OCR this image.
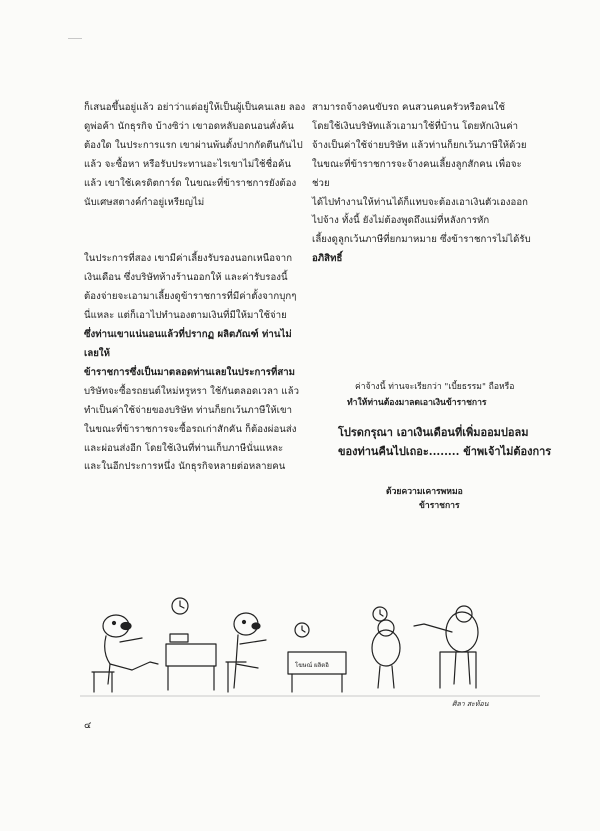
ก็เสนอขึ้นอยู่แล้ว อย่าว่าแต่อยู่ให้เป็นผู้เป็นคนเลย ลองดูพ่อค้า นักธุรกิจ บ้างซิว่า เขาอดหลับอดนอนคั่งค้นต้องใด ในประการแรก เขาผ่านพ้นตั้งปากกัดตีนกันไปแล้ว จะซื้อหา หรือรับประทานอะไรเขาไม่ใช้ชื่อค้นแล้ว เขาใช้เครดิตการ์ด ในขณะที่ข้าราชการยังต้องนับเศษสตางค์กำอยู่เหรียญไม่

ในประการที่สอง เขามีค่าเลี้ยงรับรองนอกเหนือจาก

เงินเดือน ซึ่งบริษัทห้างร้านออกให้ และค่ารับรองนี้

ต้องจ่ายจะเอามาเลี้ยงดูข้าราชการที่มีค่าตั้งจากบุกๆ

นี่แหละ แต่ก็เอาไปทำนองตามเงินที่มีให้มาใช้จ่าย

ซึ่งท่านเขาแน่นอนแล้วที่ปรากฏ ผลิตภัณฑ์ ท่านไม่เลยให้

ข้าราชการซึ่งเป็นมาตลอดท่านเลยในประการที่สาม

บริษัทจะซื้อรถยนต์ใหม่หรูหรา ใช้กันตลอดเวลา แล้ว

ทำเป็นค่าใช้จ่ายของบริษัท ท่านก็ยกเว้นภาษีให้เขา

ในขณะที่ข้าราชการจะซื้อรถเก่าสักคัน ก็ต้องผ่อนส่ง

และผ่อนส่งอีก โดยใช้เงินที่ท่านเก็บภาษีนั่นแหละ

และในอีกประการหนึ่ง นักธุรกิจหลายต่อหลายคน

สามารถจ้างคนขับรถ คนสวนคนครัวหรือคนใช้

โดยใช้เงินบริษัทแล้วเอามาใช้ที่บ้าน โดยหักเงินค่า

จ้างเป็นค่าใช้จ่ายบริษัท แล้วท่านก็ยกเว้นภาษีให้ด้วย

ในขณะที่ข้าราชการจะจ้างคนเลี้ยงลูกสักคน เพื่อจะช่วย

ได้ไปทำงานให้ท่านได้ก็แทบจะต้องเอาเงินตัวเองออก

ไปจ้าง ทั้งนี้ ยังไม่ต้องพูดถึงแม่ที่หลังการหัก

เลี้ยงดูลูกเว้นภาษีที่ยกมาหมาย ซึ่งข้าราชการไม่ได้รับ

อภิสิทธิ์

ค่าจ้างนี้ ท่านจะเรียกว่า "เบี้ยธรรม" ถือหรือ
ทำให้ท่านต้องมาลดเอาเงินข้าราชการ
โปรดกรุณา เอาเงินเดือนที่เพิ่มออมปอลม
ของท่านคืนไปเถอะ........ ข้าพเจ้าไม่ต้องการ
ด้วยความเคารพหมอ
ข้าราชการ
โฆษณ์ ผลิตอิ
ศิลา สะท้อน
๔
